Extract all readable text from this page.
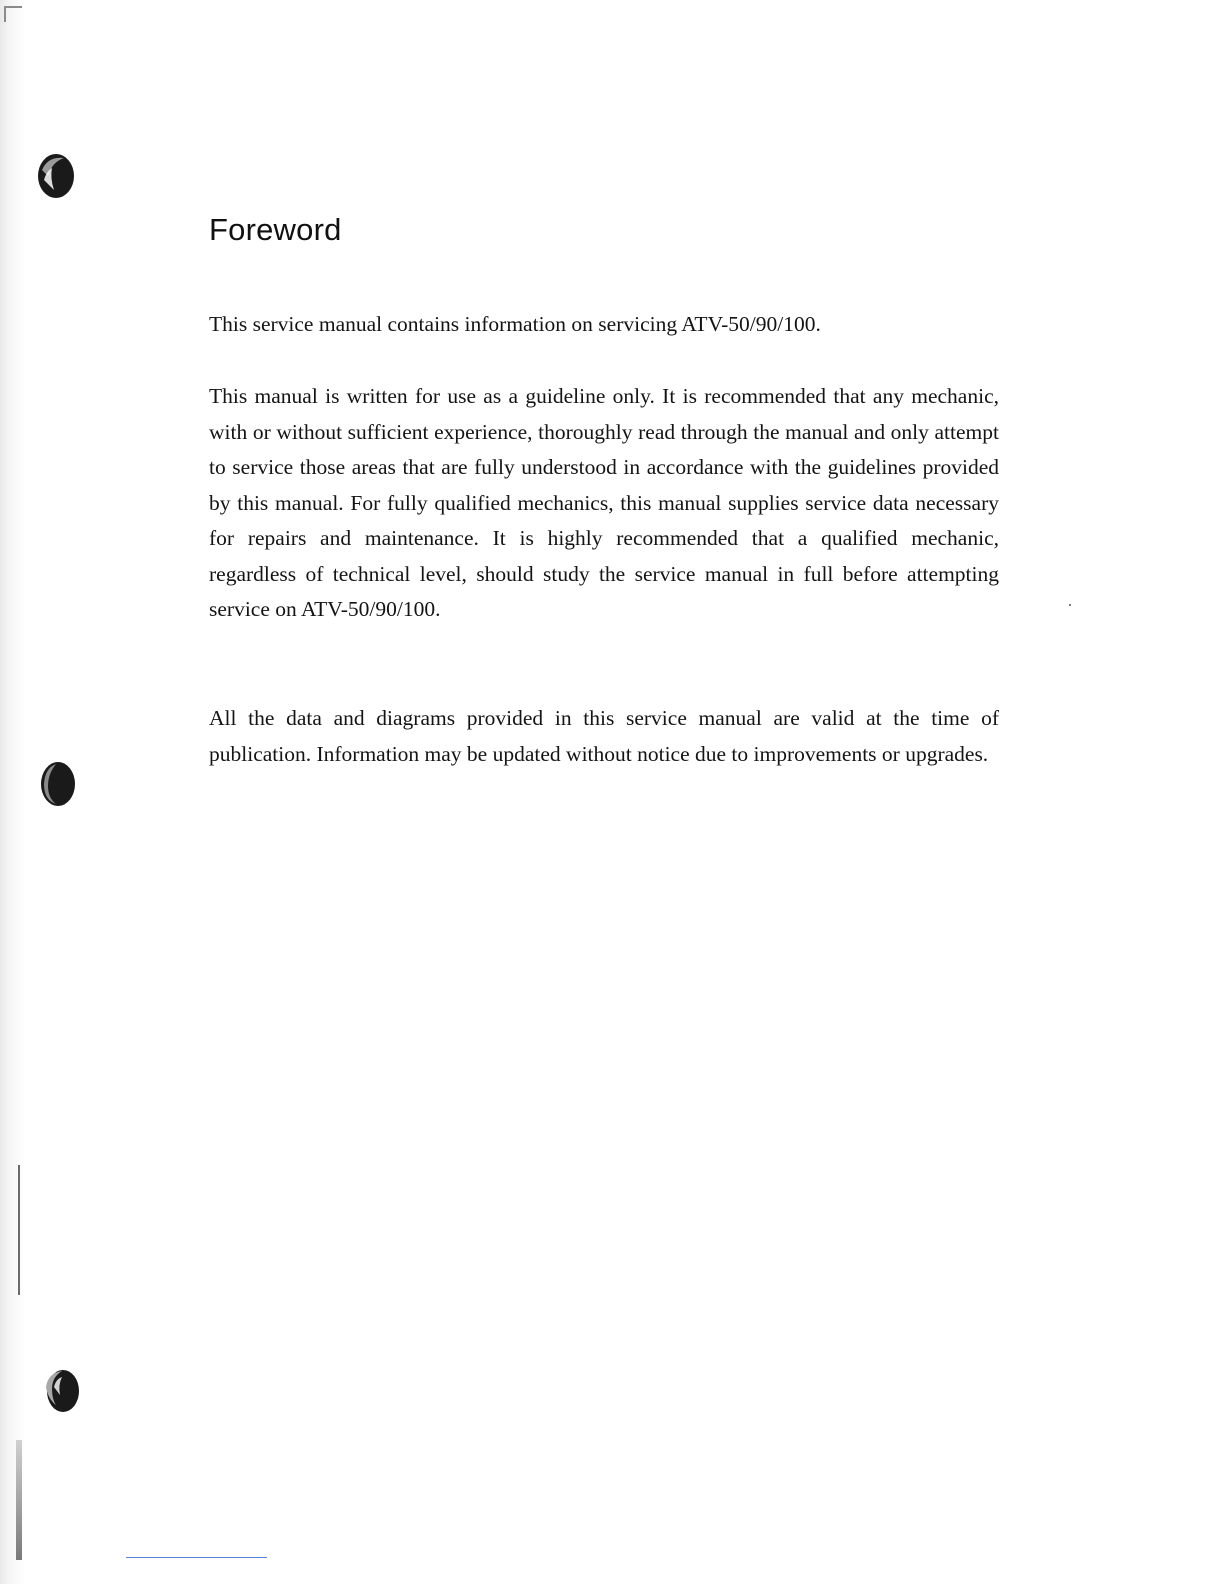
Foreword

This service manual contains information on servicing ATV-50/90/100.

This manual is written for use as a guideline only. It is recommended that any mechanic, with or without sufficient experience, thoroughly read through the manual and only attempt to service those areas that are fully understood in accordance with the guidelines provided by this manual. For fully qualified mechanics, this manual supplies service data necessary for repairs and maintenance. It is highly recommended that a qualified mechanic, regardless of technical level, should study the service manual in full before attempting service on ATV-50/90/100.

All the data and diagrams provided in this service manual are valid at the time of publication. Information may be updated without notice due to improvements or upgrades.
